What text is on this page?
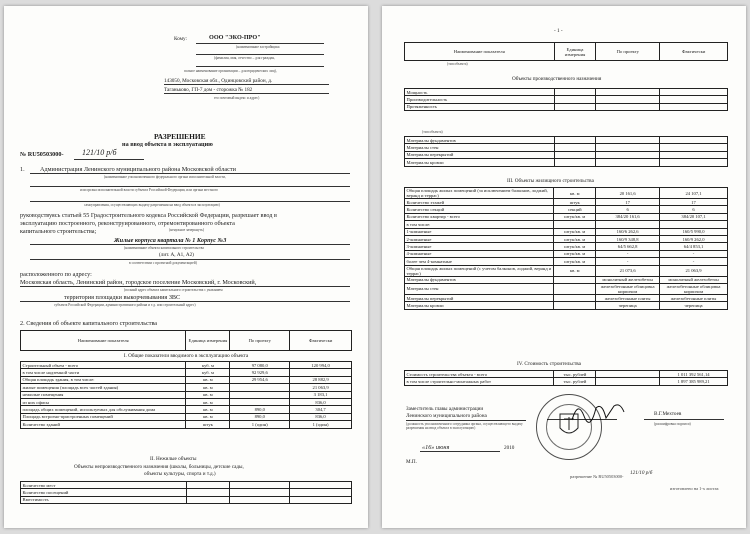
Кому:	ООО "ЭКО-ПРО"
(наименование застройщика
(фамилия, имя, отчество – для граждан,
полное наименование организации – для юридических лиц),
143050, Московская обл., Одинцовский район, д.
Таганьково, ГП-7 дом - сторожка № 182
его почтовый индекс и адрес)
РАЗРЕШЕНИЕ
на ввод объекта в эксплуатацию
№ RU50503000- 121/10 р/б
1. Администрация Ленинского муниципального района Московской области
(наименование уполномоченного федерального органа исполнительной власти,
или органа исполнительной власти субъекта Российской Федерации, или органа местного
самоуправления, осуществляющих выдачу разрешения на ввод объекта в эксплуатацию)
руководствуясь статьей 55 Градостроительного кодекса Российской Федерации, разрешает ввод в
эксплуатацию построенного, реконструированного, отремонтированного объекта
капитального строительства;	(ненужное зачеркнуть)
Жилые корпуса квартала № 1 Корпус №3
(наименование объекта капитального строительства
(лит. А, А1, А2)
в соответствии с проектной документацией)
расположенного по адресу:
Московская область, Ленинский район, городское поселение Московский, г. Московский,
(полный адрес объекта капитального строительства с указанием
территория площадки выкорчевывания ЗВС
субъекта Российской Федерации, административного района и т.д. или строительный адрес)
2. Сведения об объекте капитального строительства
Наименование показателя	Единица измерения	По проекту	Фактически
I. Общие показатели вводимого в эксплуатацию объекта			
Строительный объем - всего	куб. м	97 080,0	120 994,0
в том числе надземной части	куб. м	92 929,6	
Общая площадь здания, в том числе:	кв. м	29 954,6	28 882,9
жилые помещения (площадь всех частей здания)	кв. м		21 063,9
нежилые помещения	кв. м		3 183,1
из них офисы	кв. м		836,0
площадь общих помещений, используемых для обслуживания дома	кв. м	890,0	304,7
Площадь встроено-пристроенных помещений	кв. м	890,0	836,0
Количество зданий	штук	1 (один)	1 (один)
II. Нежилые объекты
Объекты непроизводственного назначения (школы, больницы, детские сады,
объекты культуры, спорта и т.д.)
Количество мест			
Количество посещений			
Вместимость			
- 1 -
Наименование показателя	Единица измерения	По проекту	Фактически
(тип объекта)
Объекты производственного назначения
Мощность			
Производительность			
Протяженность			
(тип объекта)
Материалы фундаментов			
Материалы стен			
Материалы перекрытий			
Материалы кровли			
III. Объекты жилищного строительства
Общая площадь жилых помещений (за исключением балконов, лоджий, веранд и террас)	кв. м	20 161,6	24 107,1
Количество этажей	штук	17	17
Количество секций	секций	6	6
Количество квартир - всего	штук/кв. м	384/20 161,6	384/20 107,1
в том числе:			
1-комнатные	штук/кв. м	160/6 262,6	160/5 990,0
2-комнатные	штук/кв. м	160/9 348,8	160/9 262,0
3-комнатные	штук/кв. м	64/5 662,8	64/4 853,1
4-комнатные	штук/кв. м	-	-
более чем 4-комнатные	штук/кв. м	-	-
Общая площадь жилых помещений (с учетом балконов, лоджий, веранд и террас)	кв. м	21 073,6	21 063,9
Материалы фундаментов		монолитный железобетон	монолитный железобетон
Материалы стен		железобетонные облицовка кирпичом	железобетонные облицовка кирпичом
Материалы перекрытий		железобетонные плиты	железобетонные плиты
Материалы кровли		черепица	черепица
IV. Стоимость строительства
Стоимость строительства объекта - всего	тыс. рублей		1 011 392 561,14
в том числе строительно-монтажных работ	тыс. рублей		1 897 385 989,21
Заместитель главы администрации
Ленинского муниципального района
(должность уполномоченного сотрудника органа, осуществляющего выдачу разрешения на ввод объекта в эксплуатацию)
В.Г.Мехтоев
(расшифровка подписи)
«16» июня	2010
М.П.
разрешение № RU50503000-
121/10 р/б
изготовлено на 1-х листах
